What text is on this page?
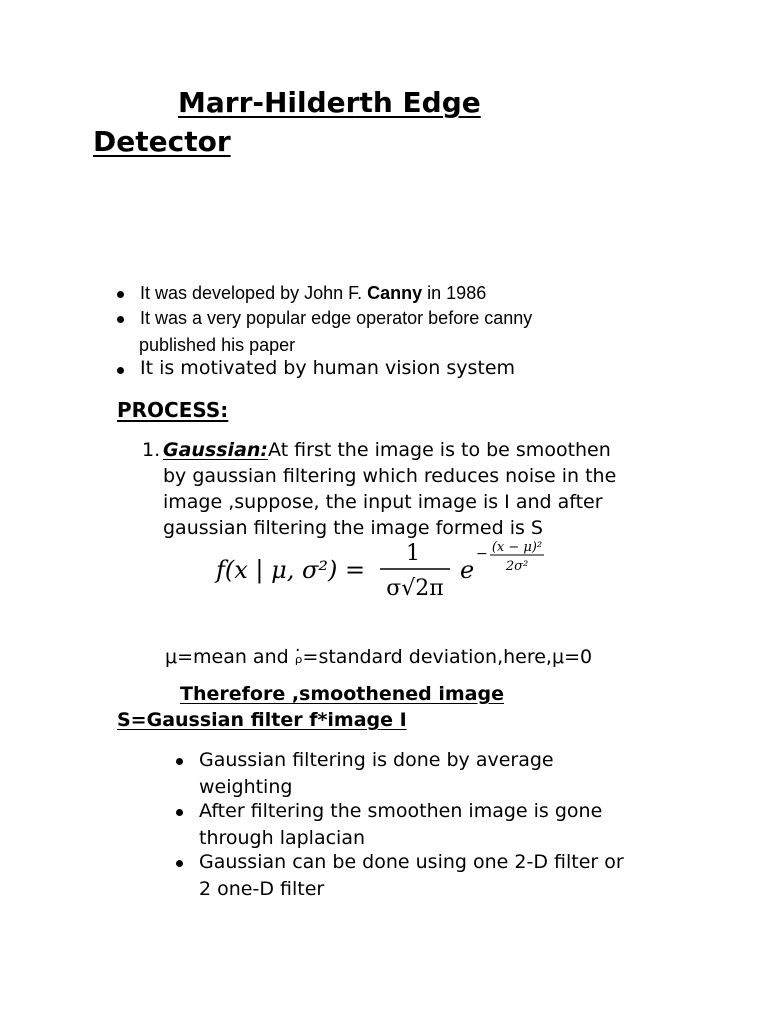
Marr-Hilderth Edge
Detector
It was developed by John F. Canny in 1986
It was a very popular edge operator before canny
published his paper
It is motivated by human vision system
PROCESS:
1. Gaussian:At first the image is to be smoothen
by gaussian filtering which reduces noise in the
image ,suppose, the input image is I and after
gaussian filtering the image formed is S
f(x | μ, σ²) =
1
σ√2π
e
− (x − μ)²
2σ²
μ=mean and ᵨ̇=standard deviation,here,μ=0
Therefore ,smoothened image
S=Gaussian filter f*image I
Gaussian filtering is done by average
weighting
After filtering the smoothen image is gone
through laplacian
Gaussian can be done using one 2-D filter or
2 one-D filter
